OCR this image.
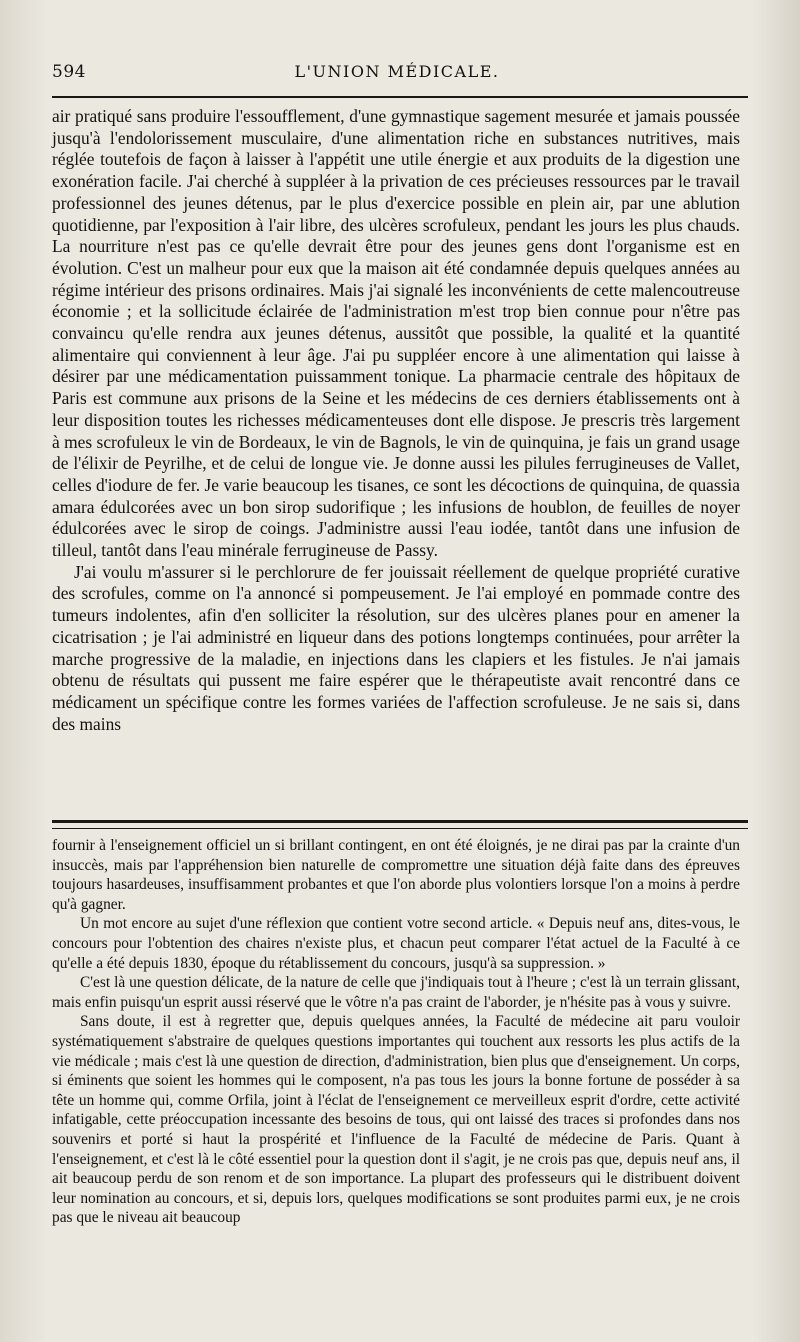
594	L'UNION MÉDICALE.

air pratiqué sans produire l'essoufflement, d'une gymnastique sagement mesurée et jamais poussée jusqu'à l'endolorissement musculaire, d'une alimentation riche en substances nutritives, mais réglée toutefois de façon à laisser à l'appétit une utile énergie et aux produits de la digestion une exonération facile. J'ai cherché à suppléer à la privation de ces précieuses ressources par le travail professionnel des jeunes détenus, par le plus d'exercice possible en plein air, par une ablution quotidienne, par l'exposition à l'air libre, des ulcères scrofuleux, pendant les jours les plus chauds. La nourriture n'est pas ce qu'elle devrait être pour des jeunes gens dont l'organisme est en évolution. C'est un malheur pour eux que la maison ait été condamnée depuis quelques années au régime intérieur des prisons ordinaires. Mais j'ai signalé les inconvénients de cette malencoutreuse économie ; et la sollicitude éclairée de l'administration m'est trop bien connue pour n'être pas convaincu qu'elle rendra aux jeunes détenus, aussitôt que possible, la qualité et la quantité alimentaire qui conviennent à leur âge. J'ai pu suppléer encore à une alimentation qui laisse à désirer par une médicamentation puissamment tonique. La pharmacie centrale des hôpitaux de Paris est commune aux prisons de la Seine et les médecins de ces derniers établissements ont à leur disposition toutes les richesses médicamenteuses dont elle dispose. Je prescris très largement à mes scrofuleux le vin de Bordeaux, le vin de Bagnols, le vin de quinquina, je fais un grand usage de l'élixir de Peyrilhe, et de celui de longue vie. Je donne aussi les pilules ferrugineuses de Vallet, celles d'iodure de fer. Je varie beaucoup les tisanes, ce sont les décoctions de quinquina, de quassia amara édulcorées avec un bon sirop sudorifique ; les infusions de houblon, de feuilles de noyer édulcorées avec le sirop de coings. J'administre aussi l'eau iodée, tantôt dans une infusion de tilleul, tantôt dans l'eau minérale ferrugineuse de Passy.

J'ai voulu m'assurer si le perchlorure de fer jouissait réellement de quelque propriété curative des scrofules, comme on l'a annoncé si pompeusement. Je l'ai employé en pommade contre des tumeurs indolentes, afin d'en solliciter la résolution, sur des ulcères planes pour en amener la cicatrisation ; je l'ai administré en liqueur dans des potions longtemps continuées, pour arrêter la marche progressive de la maladie, en injections dans les clapiers et les fistules. Je n'ai jamais obtenu de résultats qui pussent me faire espérer que le thérapeutiste avait rencontré dans ce médicament un spécifique contre les formes variées de l'affection scrofuleuse. Je ne sais si, dans des mains

fournir à l'enseignement officiel un si brillant contingent, en ont été éloignés, je ne dirai pas par la crainte d'un insuccès, mais par l'appréhension bien naturelle de compromettre une situation déjà faite dans des épreuves toujours hasardeuses, insuffisamment probantes et que l'on aborde plus volontiers lorsque l'on a moins à perdre qu'à gagner.

Un mot encore au sujet d'une réflexion que contient votre second article. « Depuis neuf ans, dites-vous, le concours pour l'obtention des chaires n'existe plus, et chacun peut comparer l'état actuel de la Faculté à ce qu'elle a été depuis 1830, époque du rétablissement du concours, jusqu'à sa suppression. »

C'est là une question délicate, de la nature de celle que j'indiquais tout à l'heure ; c'est là un terrain glissant, mais enfin puisqu'un esprit aussi réservé que le vôtre n'a pas craint de l'aborder, je n'hésite pas à vous y suivre.

Sans doute, il est à regretter que, depuis quelques années, la Faculté de médecine ait paru vouloir systématiquement s'abstraire de quelques questions importantes qui touchent aux ressorts les plus actifs de la vie médicale ; mais c'est là une question de direction, d'administration, bien plus que d'enseignement. Un corps, si éminents que soient les hommes qui le composent, n'a pas tous les jours la bonne fortune de posséder à sa tête un homme qui, comme Orfila, joint à l'éclat de l'enseignement ce merveilleux esprit d'ordre, cette activité infatigable, cette préoccupation incessante des besoins de tous, qui ont laissé des traces si profondes dans nos souvenirs et porté si haut la prospérité et l'influence de la Faculté de médecine de Paris. Quant à l'enseignement, et c'est là le côté essentiel pour la question dont il s'agit, je ne crois pas que, depuis neuf ans, il ait beaucoup perdu de son renom et de son importance. La plupart des professeurs qui le distribuent doivent leur nomination au concours, et si, depuis lors, quelques modifications se sont produites parmi eux, je ne crois pas que le niveau ait beaucoup
